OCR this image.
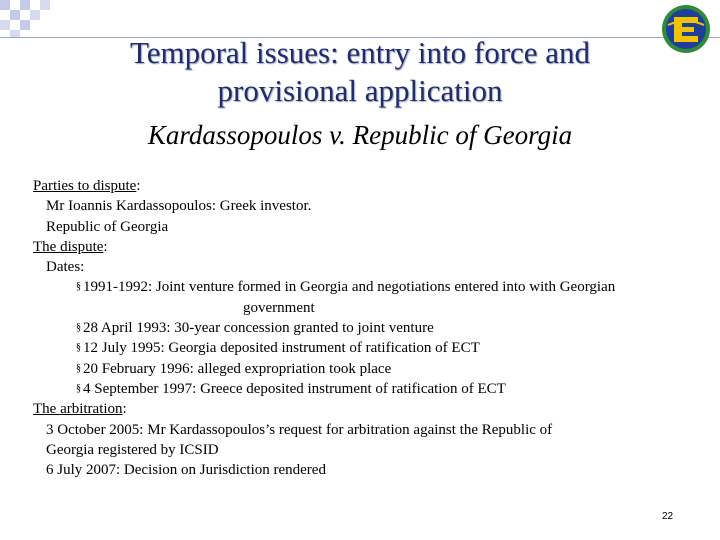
Temporal issues: entry into force and
provisional application
Kardassopoulos v. Republic of Georgia
Parties to dispute:
Mr Ioannis Kardassopoulos: Greek investor.
Republic of Georgia
The dispute:
Dates:
§ 1991-1992: Joint venture formed in Georgia and negotiations entered into with Georgian
government
§ 28 April 1993: 30-year concession granted to joint venture
§ 12 July 1995: Georgia deposited instrument of ratification of ECT
§ 20 February 1996: alleged expropriation took place
§ 4 September 1997: Greece deposited instrument of ratification of ECT
The arbitration:
3 October 2005: Mr Kardassopoulos’s request for arbitration against the Republic of
Georgia registered by ICSID
6 July 2007: Decision on Jurisdiction rendered
22
